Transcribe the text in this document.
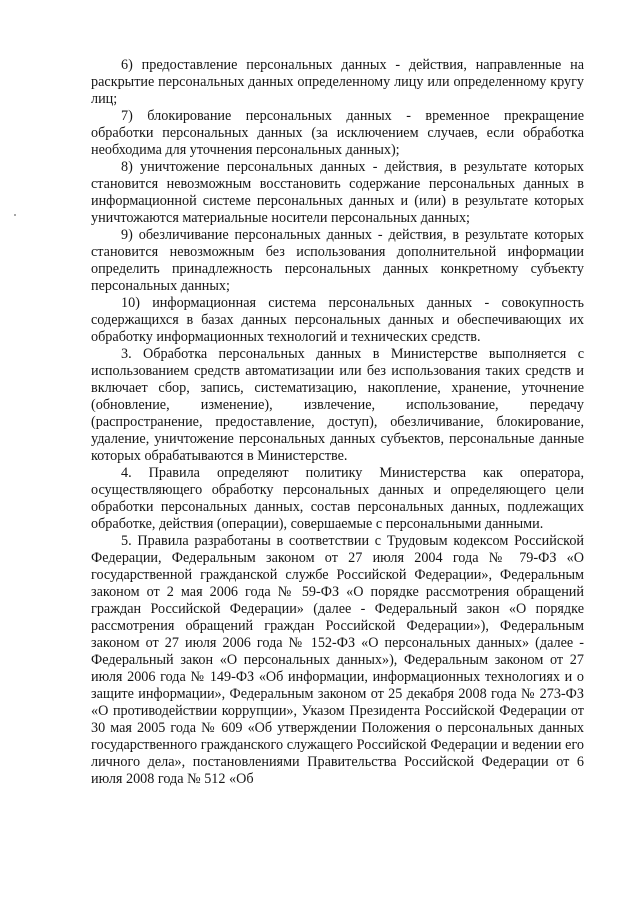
6) предоставление персональных данных - действия, направленные на раскрытие персональных данных определенному лицу или определенному кругу лиц;

7) блокирование персональных данных - временное прекращение обработки персональных данных (за исключением случаев, если обработка необходима для уточнения персональных данных);

8) уничтожение персональных данных - действия, в результате которых становится невозможным восстановить содержание персональных данных в информационной системе персональных данных и (или) в результате которых уничтожаются материальные носители персональных данных;

9) обезличивание персональных данных - действия, в результате которых становится невозможным без использования дополнительной информации определить принадлежность персональных данных конкретному субъекту персональных данных;

10) информационная система персональных данных - совокупность содержащихся в базах данных персональных данных и обеспечивающих их обработку информационных технологий и технических средств.

3. Обработка персональных данных в Министерстве выполняется с использованием средств автоматизации или без использования таких средств и включает сбор, запись, систематизацию, накопление, хранение, уточнение (обновление, изменение), извлечение, использование, передачу (распространение, предоставление, доступ), обезличивание, блокирование, удаление, уничтожение персональных данных субъектов, персональные данные которых обрабатываются в Министерстве.

4. Правила определяют политику Министерства как оператора, осуществляющего обработку персональных данных и определяющего цели обработки персональных данных, состав персональных данных, подлежащих обработке, действия (операции), совершаемые с персональными данными.

5. Правила разработаны в соответствии с Трудовым кодексом Российской Федерации, Федеральным законом от 27 июля 2004 года № 79-ФЗ «О государственной гражданской службе Российской Федерации», Федеральным законом от 2 мая 2006 года № 59-ФЗ «О порядке рассмотрения обращений граждан Российской Федерации» (далее - Федеральный закон «О порядке рассмотрения обращений граждан Российской Федерации»), Федеральным законом от 27 июля 2006 года № 152-ФЗ «О персональных данных» (далее - Федеральный закон «О персональных данных»), Федеральным законом от 27 июля 2006 года № 149-ФЗ «Об информации, информационных технологиях и о защите информации», Федеральным законом от 25 декабря 2008 года № 273-ФЗ «О противодействии коррупции», Указом Президента Российской Федерации от 30 мая 2005 года № 609 «Об утверждении Положения о персональных данных государственного гражданского служащего Российской Федерации и ведении его личного дела», постановлениями Правительства Российской Федерации от 6 июля 2008 года № 512 «Об
